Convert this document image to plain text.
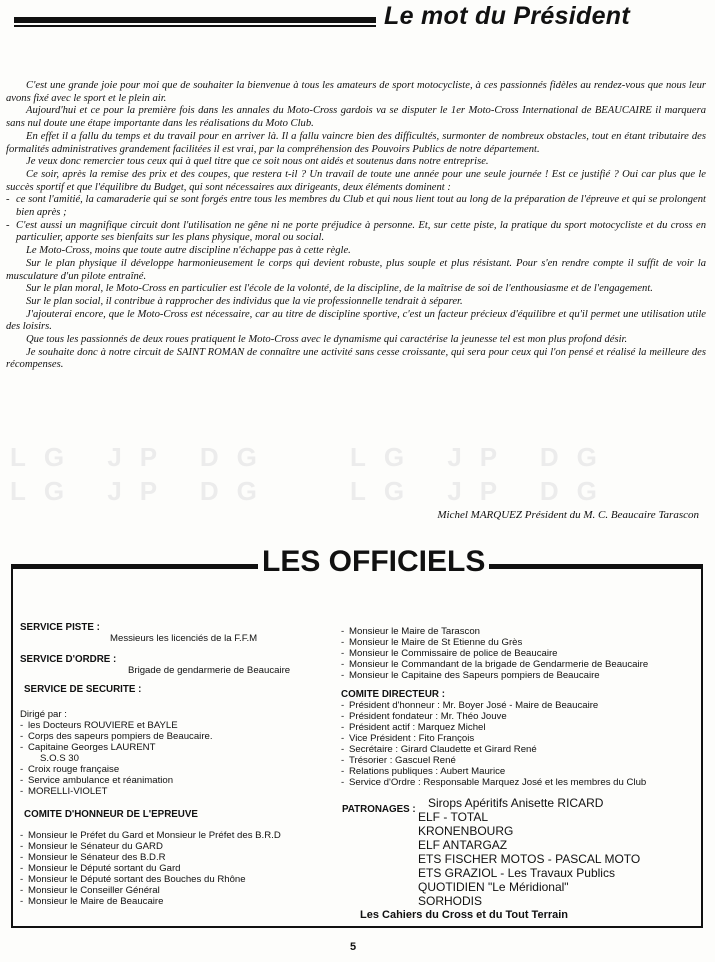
Le mot du Président
LG JP DG	LG JP DG
LG JP DG	LG JP DG

C'est une grande joie pour moi que de souhaiter la bienvenue à tous les amateurs de sport motocycliste, à ces passionnés fidèles au rendez-vous que nous leur avons fixé avec le sport et le plein air.

Aujourd'hui et ce pour la première fois dans les annales du Moto-Cross gardois va se disputer le 1er Moto-Cross International de BEAUCAIRE il marquera sans nul doute une étape importante dans les réalisations du Moto Club.

En effet il a fallu du temps et du travail pour en arriver là. Il a fallu vaincre bien des difficultés, surmonter de nombreux obstacles, tout en étant tributaire des formalités administratives grandement facilitées il est vrai, par la compréhension des Pouvoirs Publics de notre département.

Je veux donc remercier tous ceux qui à quel titre que ce soit nous ont aidés et soutenus dans notre entreprise.

Ce soir, après la remise des prix et des coupes, que restera t-il ? Un travail de toute une année pour une seule journée ! Est ce justifié ? Oui car plus que le succès sportif et que l'équilibre du Budget, qui sont nécessaires aux dirigeants, deux éléments dominent :

- ce sont l'amitié, la camaraderie qui se sont forgés entre tous les membres du Club et qui nous lient tout au long de la préparation de l'épreuve et qui se prolongent bien après ;

- C'est aussi un magnifique circuit dont l'utilisation ne gêne ni ne porte préjudice à personne. Et, sur cette piste, la pratique du sport motocycliste et du cross en particulier, apporte ses bienfaits sur les plans physique, moral ou social.

Le Moto-Cross, moins que toute autre discipline n'échappe pas à cette règle.

Sur le plan physique il développe harmonieusement le corps qui devient robuste, plus souple et plus résistant. Pour s'en rendre compte il suffit de voir la musculature d'un pilote entraîné.

Sur le plan moral, le Moto-Cross en particulier est l'école de la volonté, de la discipline, de la maîtrise de soi de l'enthousiasme et de l'engagement.

Sur le plan social, il contribue à rapprocher des individus que la vie professionnelle tendrait à séparer.

J'ajouterai encore, que le Moto-Cross est nécessaire, car au titre de discipline sportive, c'est un facteur précieux d'équilibre et qu'il permet une utilisation utile des loisirs.

Que tous les passionnés de deux roues pratiquent le Moto-Cross avec le dynamisme qui caractérise la jeunesse tel est mon plus profond désir.

Je souhaite donc à notre circuit de SAINT ROMAN de connaître une activité sans cesse croissante, qui sera pour ceux qui l'on pensé et réalisé la meilleure des récompenses.

Michel MARQUEZ Président du M. C. Beaucaire Tarascon
LES OFFICIELS
SERVICE PISTE :
Messieurs les licenciés de la F.F.M
SERVICE D'ORDRE :
Brigade de gendarmerie de Beaucaire
SERVICE DE SECURITE :
Dirigé par :
- les Docteurs ROUVIERE et BAYLE
- Corps des sapeurs pompiers de Beaucaire.
- Capitaine Georges LAURENT
S.O.S 30
- Croix rouge française
- Service ambulance et réanimation
- MORELLI-VIOLET
COMITE D'HONNEUR DE L'EPREUVE
- Monsieur le Préfet du Gard et Monsieur le Préfet des B.R.D
- Monsieur le Sénateur du GARD
- Monsieur le Sénateur des B.D.R
- Monsieur le Député sortant du Gard
- Monsieur le Député sortant des Bouches du Rhône
- Monsieur le Conseiller Général
- Monsieur le Maire de Beaucaire
- Monsieur le Maire de Tarascon
- Monsieur le Maire de St Etienne du Grès
- Monsieur le Commissaire de police de Beaucaire
- Monsieur le Commandant de la brigade de Gendarmerie de Beaucaire
- Monsieur le Capitaine des Sapeurs pompiers de Beaucaire
COMITE DIRECTEUR :
- Président d'honneur : Mr. Boyer José - Maire de Beaucaire
- Président fondateur : Mr. Théo Jouve
- Président actif : Marquez Michel
- Vice Président : Fito François
- Secrétaire : Girard Claudette et Girard René
- Trésorier : Gascuel René
- Relations publiques : Aubert Maurice
- Service d'Ordre : Responsable Marquez José et les membres du Club
PATRONAGES : Sirops Apéritifs Anisette RICARD
ELF - TOTAL
KRONENBOURG
ELF ANTARGAZ
ETS FISCHER MOTOS - PASCAL MOTO
ETS GRAZIOL - Les Travaux Publics
QUOTIDIEN "Le Méridional"
SORHODIS
Les Cahiers du Cross et du Tout Terrain
5
